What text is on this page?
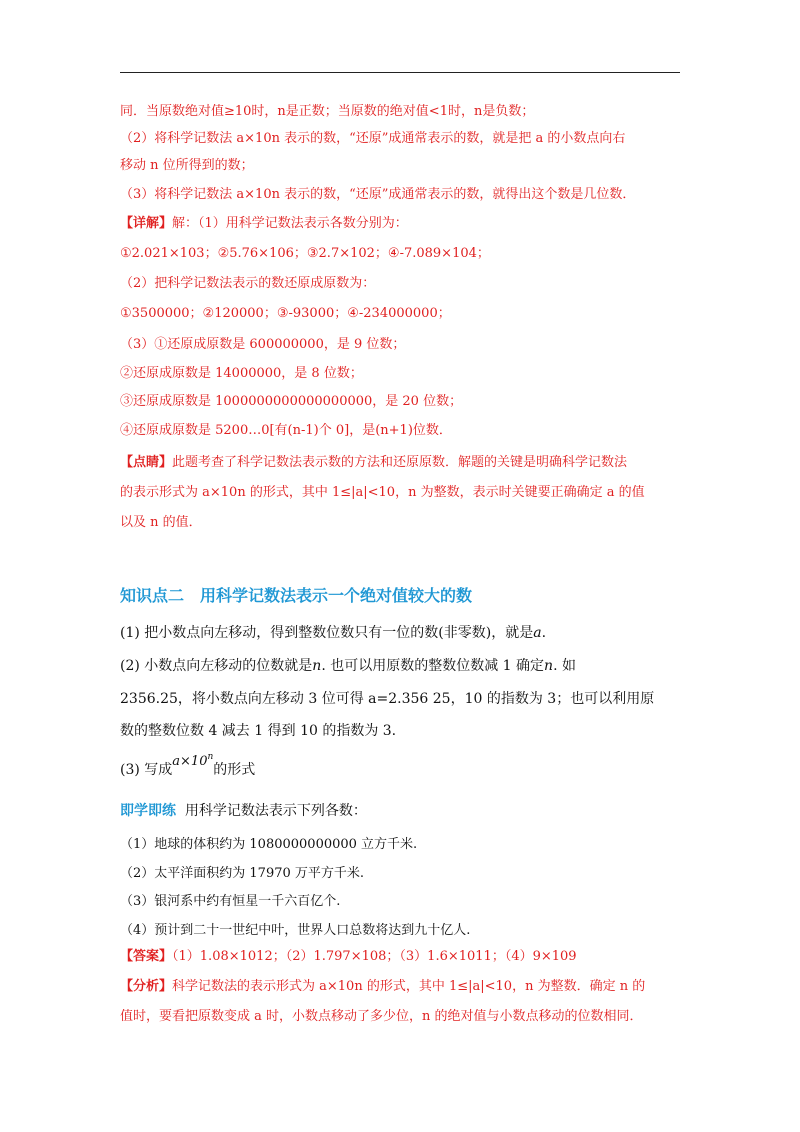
同．当原数绝对值≥10时，n是正数；当原数的绝对值<1时，n是负数；
（2）将科学记数法 a×10n 表示的数，“还原”成通常表示的数，就是把 a 的小数点向右
移动 n 位所得到的数；
（3）将科学记数法 a×10n 表示的数，“还原”成通常表示的数，就得出这个数是几位数．
【详解】解：（1）用科学记数法表示各数分别为：
①2.021×103；②5.76×106；③2.7×102；④-7.089×104；
（2）把科学记数法表示的数还原成原数为：
①3500000；②120000；③-93000；④-234000000；
（3）①还原成原数是 600000000，是 9 位数；
②还原成原数是 14000000，是 8 位数；
③还原成原数是 1000000000000000000，是 20 位数；
④还原成原数是 5200…0[有(n-1)个 0]，是(n+1)位数．
【点睛】此题考查了科学记数法表示数的方法和还原原数．解题的关键是明确科学记数法
的表示形式为 a×10n 的形式，其中 1≤|a|<10，n 为整数，表示时关键要正确确定 a 的值
以及 n 的值．
知识点二 用科学记数法表示一个绝对值较大的数
(1) 把小数点向左移动，得到整数位数只有一位的数(非零数)，就是a.
(2) 小数点向左移动的位数就是n. 也可以用原数的整数位数减 1 确定n. 如
2356.25，将小数点向左移动 3 位可得 a=2.356 25，10 的指数为 3；也可以利用原
数的整数位数 4 减去 1 得到 10 的指数为 3.
(3) 写成$a\times 10^n$的形式
即学即练 用科学记数法表示下列各数：
（1）地球的体积约为 1080000000000 立方千米.
（2）太平洋面积约为 17970 万平方千米.
（3）银河系中约有恒星一千六百亿个.
（4）预计到二十一世纪中叶，世界人口总数将达到九十亿人.
【答案】（1）1.08×1012；（2）1.797×108；（3）1.6×1011；（4）9×109
【分析】科学记数法的表示形式为 a×10n 的形式，其中 1≤|a|<10，n 为整数．确定 n 的
值时，要看把原数变成 a 时，小数点移动了多少位，n 的绝对值与小数点移动的位数相同．
